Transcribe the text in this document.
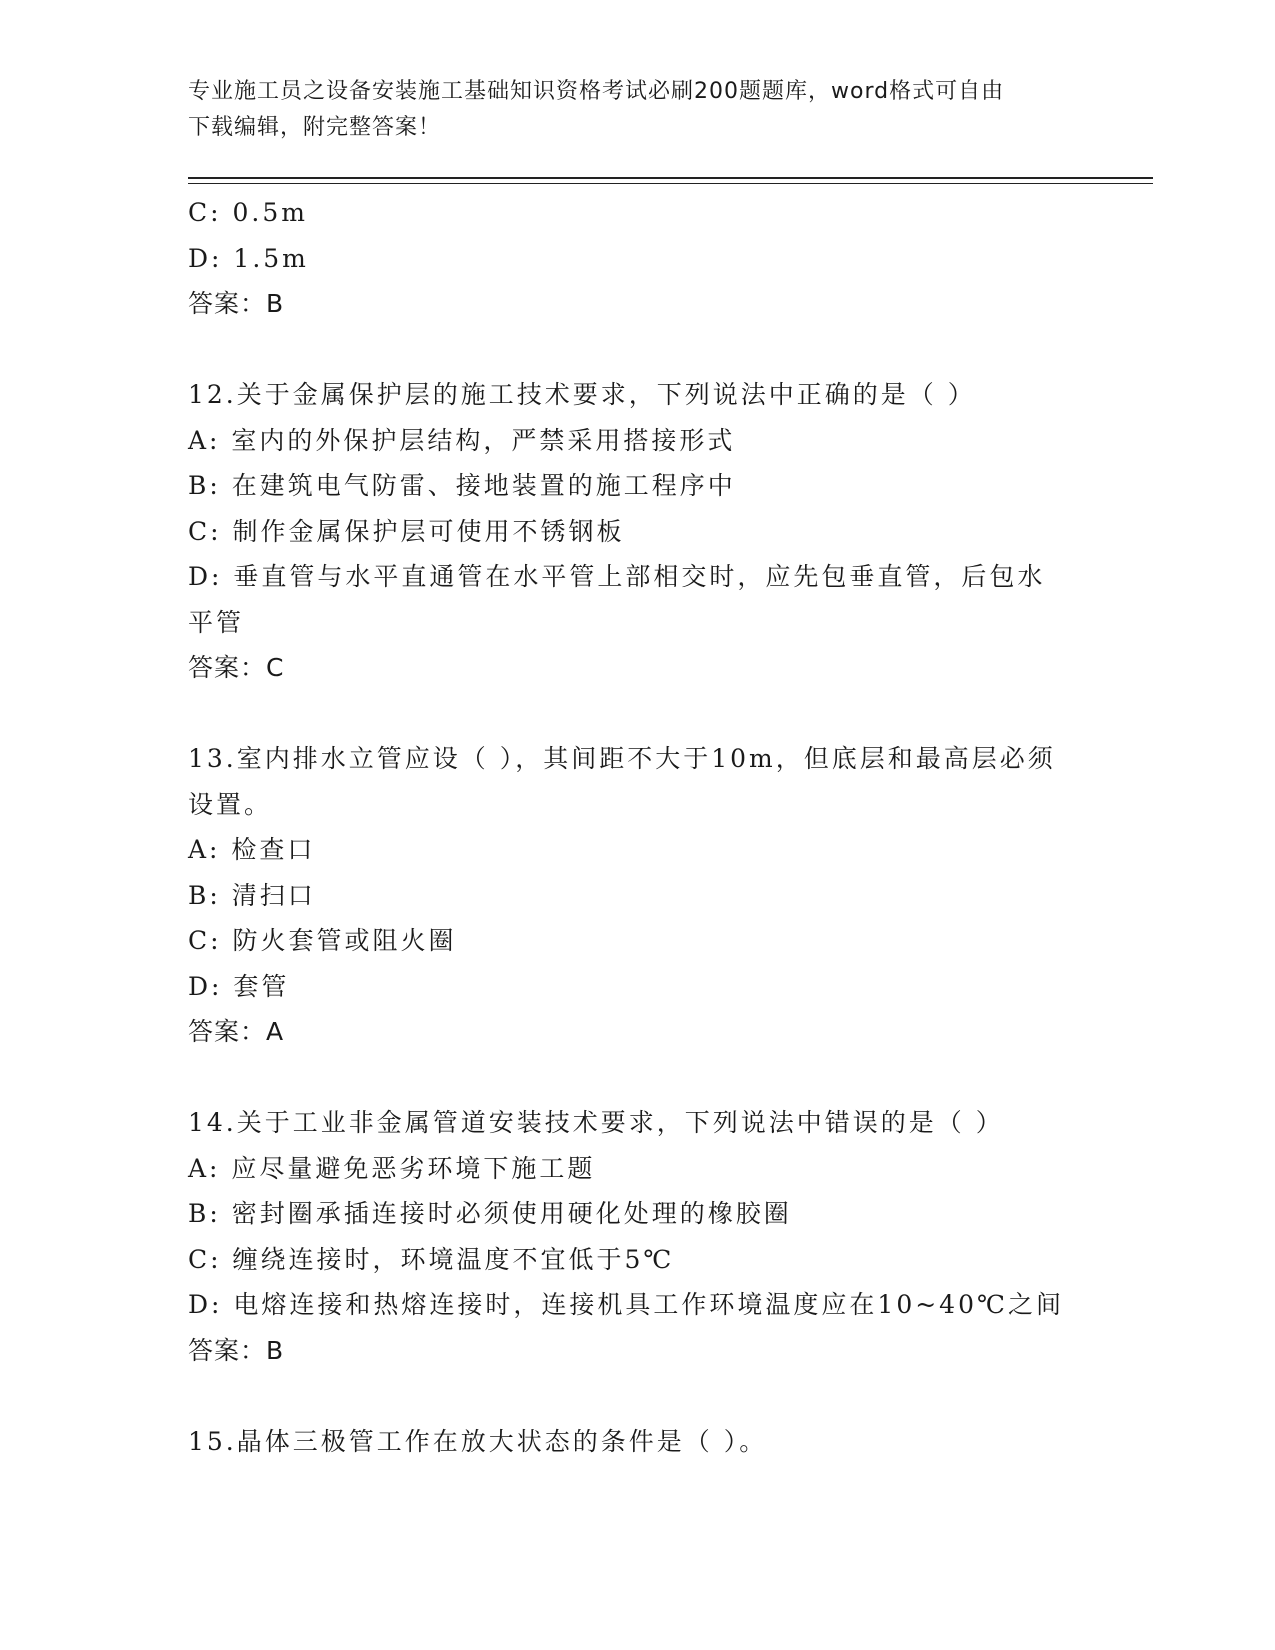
专业施工员之设备安装施工基础知识资格考试必刷200题题库，word格式可自由
下载编辑，附完整答案！
C: 0.5m
D: 1.5m
答案：B
12.关于金属保护层的施工技术要求，下列说法中正确的是（ ）
A: 室内的外保护层结构，严禁采用搭接形式
B: 在建筑电气防雷、接地装置的施工程序中
C: 制作金属保护层可使用不锈钢板
D: 垂直管与水平直通管在水平管上部相交时，应先包垂直管，后包水
平管
答案：C
13.室内排水立管应设（ ），其间距不大于10m，但底层和最高层必须
设置。
A: 检查口
B: 清扫口
C: 防火套管或阻火圈
D: 套管
答案：A
14.关于工业非金属管道安装技术要求，下列说法中错误的是（ ）
A: 应尽量避免恶劣环境下施工题
B: 密封圈承插连接时必须使用硬化处理的橡胶圈
C: 缠绕连接时，环境温度不宜低于5℃
D: 电熔连接和热熔连接时，连接机具工作环境温度应在10~40℃之间
答案：B
15.晶体三极管工作在放大状态的条件是（ ）。
